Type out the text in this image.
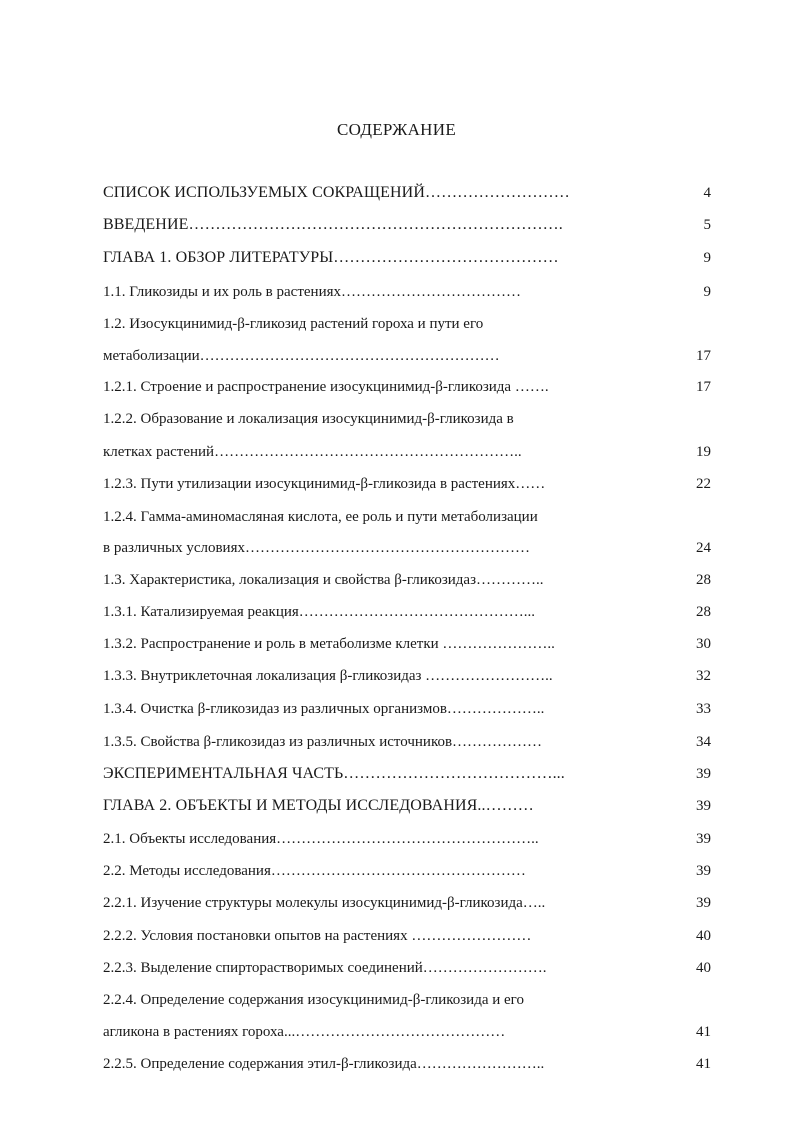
СОДЕРЖАНИЕ
СПИСОК ИСПОЛЬЗУЕМЫХ СОКРАЩЕНИЙ………………………	4
ВВЕДЕНИЕ…………………………………………………………….	5
ГЛАВА 1. ОБЗОР ЛИТЕРАТУРЫ……………………………………	9
1.1. Гликозиды и их роль в растениях………………………………	9
1.2. Изосукцинимид-β-гликозид растений гороха и пути его
метаболизации……………………………………………………	17
1.2.1. Строение и распространение изосукцинимид-β-гликозида …….	17
1.2.2. Образование и локализация изосукцинимид-β-гликозида в
клетках растений……………………………………………………..	19
1.2.3. Пути утилизации изосукцинимид-β-гликозида в растениях……	22
1.2.4. Гамма-аминомасляная кислота, ее роль и пути метаболизации
в различных условиях…………………………………………………	24
1.3. Характеристика, локализация и свойства β-гликозидаз…………..	28
1.3.1. Катализируемая реакция………………………………………...	28
1.3.2. Распространение и роль в метаболизме клетки …………………..	30
1.3.3. Внутриклеточная локализация β-гликозидаз ……………………..	32
1.3.4. Очистка β-гликозидаз из различных организмов………………..	33
1.3.5. Свойства β-гликозидаз из различных источников………………	34
ЭКСПЕРИМЕНТАЛЬНАЯ ЧАСТЬ…………………………………...	39
ГЛАВА 2. ОБЪЕКТЫ И МЕТОДЫ ИССЛЕДОВАНИЯ..………	39
2.1. Объекты исследования……………………………………………..	39
2.2. Методы исследования……………………………………………	39
2.2.1. Изучение структуры молекулы изосукцинимид-β-гликозида…..	39
2.2.2. Условия постановки опытов на растениях ……………………	40
2.2.3. Выделение спирторастворимых соединений…………………….	40
2.2.4. Определение содержания изосукцинимид-β-гликозида и его
агликона в растениях гороха...……………………………………	41
2.2.5. Определение содержания этил-β-гликозида……………………..	41
